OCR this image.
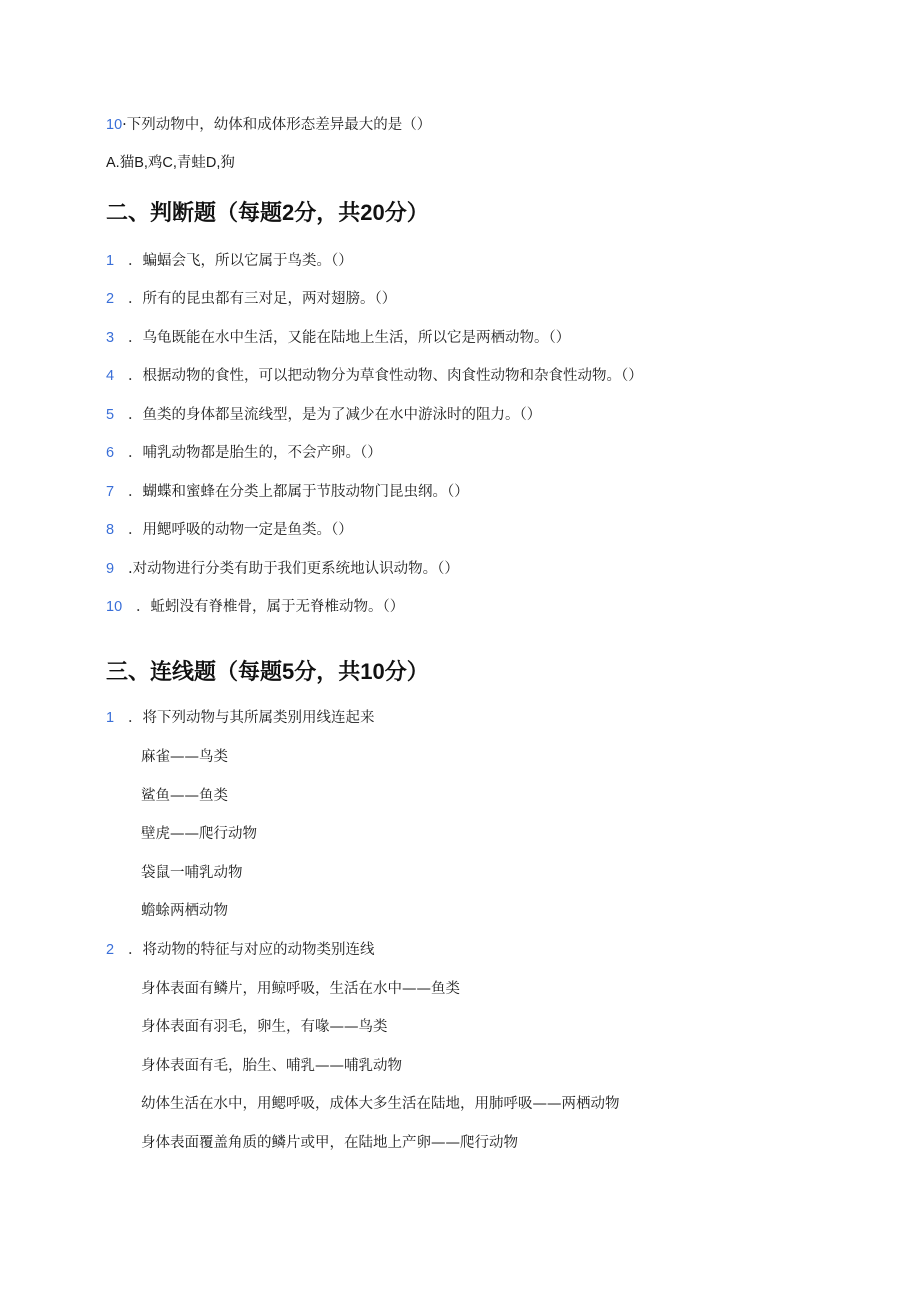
10·下列动物中，幼体和成体形态差异最大的是（）
A.猫B,鸡C,青蛙D,狗
二、判断题（每题2分，共20分）
1 ．蝙蝠会飞，所以它属于鸟类。（）
2 ．所有的昆虫都有三对足，两对翅膀。（）
3 ．乌龟既能在水中生活，又能在陆地上生活，所以它是两栖动物。（）
4 ．根据动物的食性，可以把动物分为草食性动物、肉食性动物和杂食性动物。（）
5 ．鱼类的身体都呈流线型，是为了减少在水中游泳时的阻力。（）
6 ．哺乳动物都是胎生的，不会产卵。（）
7 ．蝴蝶和蜜蜂在分类上都属于节肢动物门昆虫纲。（）
8 ．用鳃呼吸的动物一定是鱼类。（）
9 .对动物进行分类有助于我们更系统地认识动物。（）
10 ．蚯蚓没有脊椎骨，属于无脊椎动物。（）
三、连线题（每题5分，共10分）
1 ．将下列动物与其所属类别用线连起来
麻雀——鸟类
鲨鱼——鱼类
壁虎——爬行动物
袋鼠一哺乳动物
蟾蜍两栖动物
2 ．将动物的特征与对应的动物类别连线
身体表面有鳞片，用鲸呼吸，生活在水中——鱼类
身体表面有羽毛，卵生，有喙——鸟类
身体表面有毛，胎生、哺乳——哺乳动物
幼体生活在水中，用鳃呼吸，成体大多生活在陆地，用肺呼吸——两栖动物
身体表面覆盖角质的鳞片或甲，在陆地上产卵——爬行动物
